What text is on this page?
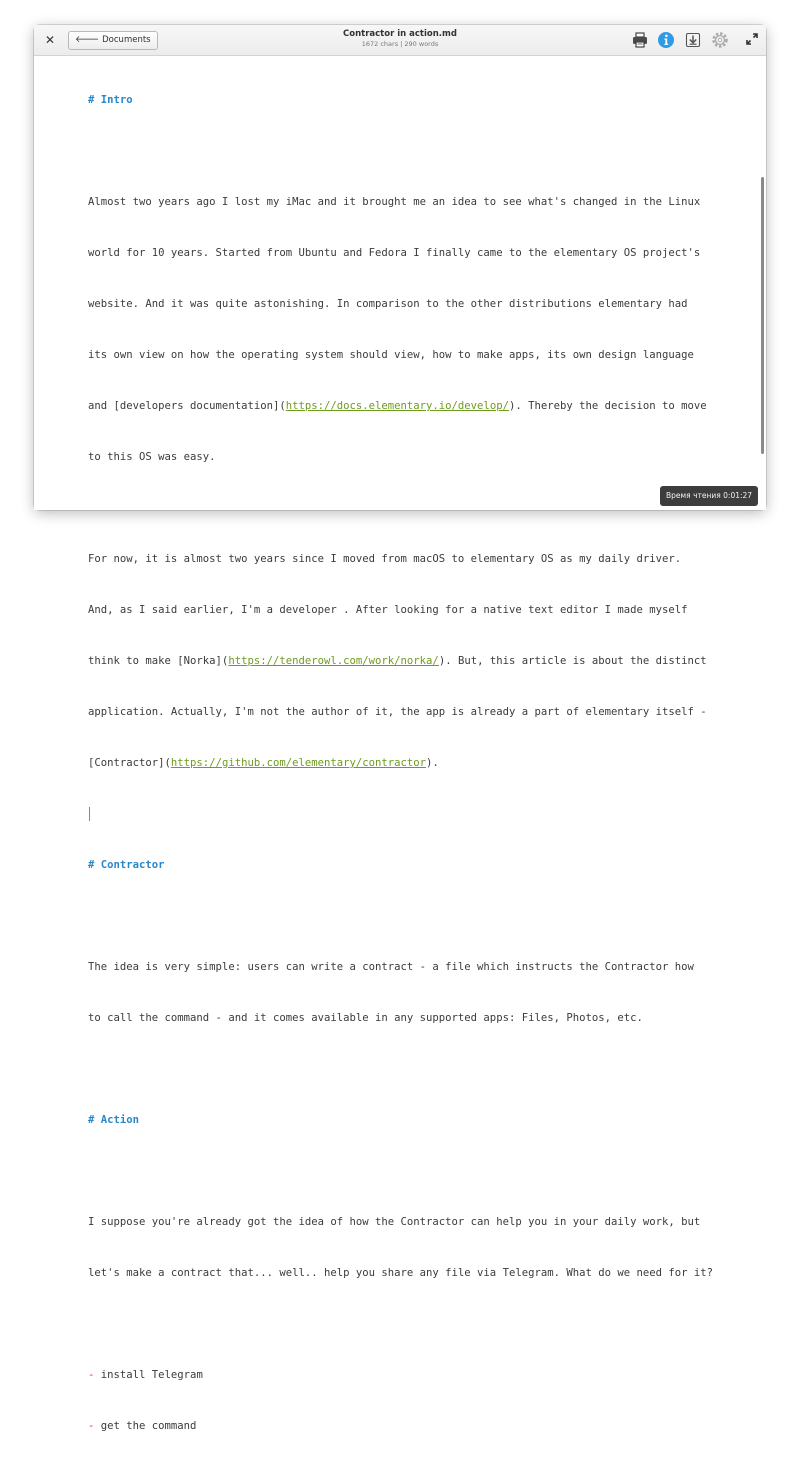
✕	🡐 Documents
Contractor in action.md
1672 chars | 290 words

# Intro

Almost two years ago I lost my iMac and it brought me an idea to see what's changed in the Linux

world for 10 years. Started from Ubuntu and Fedora I finally came to the elementary OS project's

website. And it was quite astonishing. In comparison to the other distributions elementary had

its own view on how the operating system should view, how to make apps, its own design language

and [developers documentation](https://docs.elementary.io/develop/). Thereby the decision to move

to this OS was easy.

For now, it is almost two years since I moved from macOS to elementary OS as my daily driver.

And, as I said earlier, I'm a developer . After looking for a native text editor I made myself

think to make [Norka](https://tenderowl.com/work/norka/). But, this article is about the distinct

application. Actually, I'm not the author of it, the app is already a part of elementary itself -

[Contractor](https://github.com/elementary/contractor).

# Contractor

The idea is very simple: users can write a contract - a file which instructs the Contractor how

to call the command - and it comes available in any supported apps: Files, Photos, etc.

# Action

I suppose you're already got the idea of how the Contractor can help you in your daily work, but

let's make a contract that... well.. help you share any file via Telegram. What do we need for it?

- install Telegram

- get the command

Время чтения 0:01:27
